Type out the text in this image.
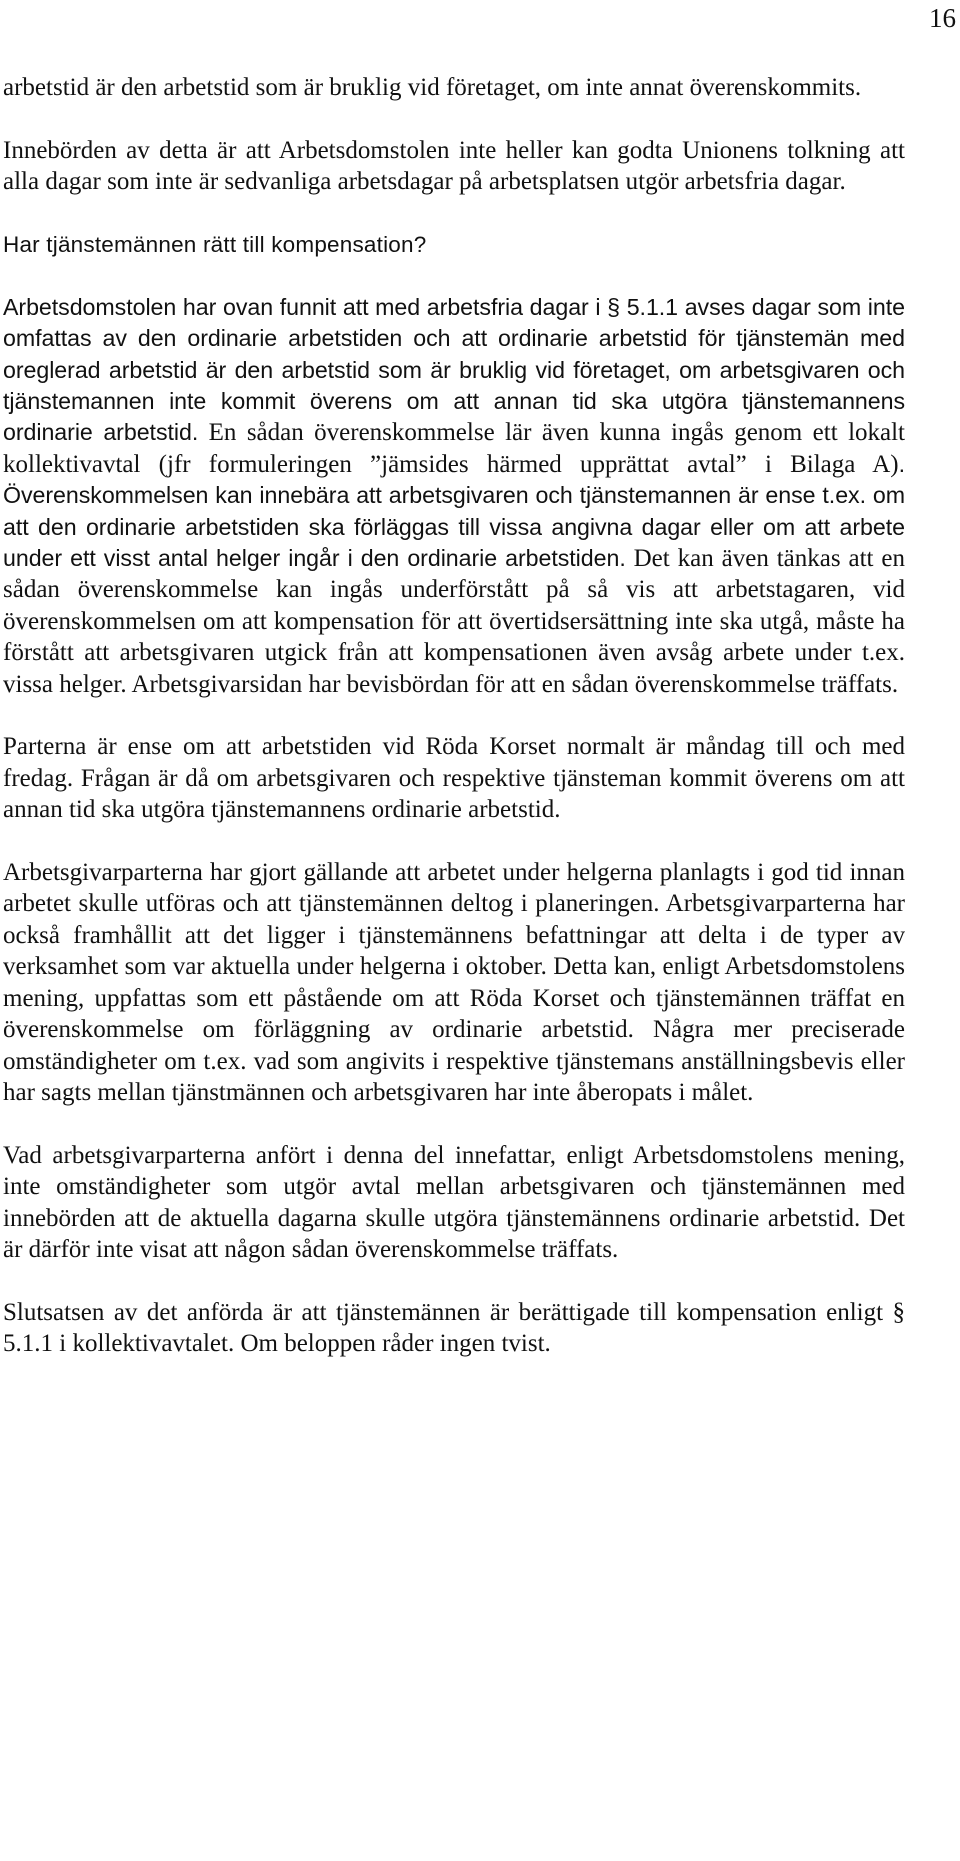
16

arbetstid är den arbetstid som är bruklig vid företaget, om inte annat överenskommits.

Innebörden av detta är att Arbetsdomstolen inte heller kan godta Unionens tolkning att alla dagar som inte är sedvanliga arbetsdagar på arbetsplatsen utgör arbetsfria dagar.

Har tjänstemännen rätt till kompensation?

Arbetsdomstolen har ovan funnit att med arbetsfria dagar i § 5.1.1 avses dagar som inte omfattas av den ordinarie arbetstiden och att ordinarie arbetstid för tjänstemän med oreglerad arbetstid är den arbetstid som är bruklig vid företaget, om arbetsgivaren och tjänstemannen inte kommit överens om att annan tid ska utgöra tjänstemannens ordinarie arbetstid. En sådan överenskommelse lär även kunna ingås genom ett lokalt kollektivavtal (jfr formuleringen ”jämsides härmed upprättat avtal” i Bilaga A). Överenskommelsen kan innebära att arbetsgivaren och tjänstemannen är ense t.ex. om att den ordinarie arbetstiden ska förläggas till vissa angivna dagar eller om att arbete under ett visst antal helger ingår i den ordinarie arbetstiden. Det kan även tänkas att en sådan överenskommelse kan ingås underförstått på så vis att arbetstagaren, vid överenskommelsen om att kompensation för att övertidsersättning inte ska utgå, måste ha förstått att arbetsgivaren utgick från att kompensationen även avsåg arbete under t.ex. vissa helger. Arbetsgivarsidan har bevisbördan för att en sådan överenskommelse träffats.

Parterna är ense om att arbetstiden vid Röda Korset normalt är måndag till och med fredag. Frågan är då om arbetsgivaren och respektive tjänsteman kommit överens om att annan tid ska utgöra tjänstemannens ordinarie arbetstid.

Arbetsgivarparterna har gjort gällande att arbetet under helgerna planlagts i god tid innan arbetet skulle utföras och att tjänstemännen deltog i planeringen. Arbetsgivarparterna har också framhållit att det ligger i tjänstemännens befattningar att delta i de typer av verksamhet som var aktuella under helgerna i oktober. Detta kan, enligt Arbetsdomstolens mening, uppfattas som ett påstående om att Röda Korset och tjänstemännen träffat en överenskommelse om förläggning av ordinarie arbetstid. Några mer preciserade omständigheter om t.ex. vad som angivits i respektive tjänstemans anställningsbevis eller har sagts mellan tjänstmännen och arbetsgivaren har inte åberopats i målet.

Vad arbetsgivarparterna anfört i denna del innefattar, enligt Arbetsdomstolens mening, inte omständigheter som utgör avtal mellan arbetsgivaren och tjänstemännen med innebörden att de aktuella dagarna skulle utgöra tjänstemännens ordinarie arbetstid. Det är därför inte visat att någon sådan överenskommelse träffats.

Slutsatsen av det anförda är att tjänstemännen är berättigade till kompensation enligt § 5.1.1 i kollektivavtalet. Om beloppen råder ingen tvist.
